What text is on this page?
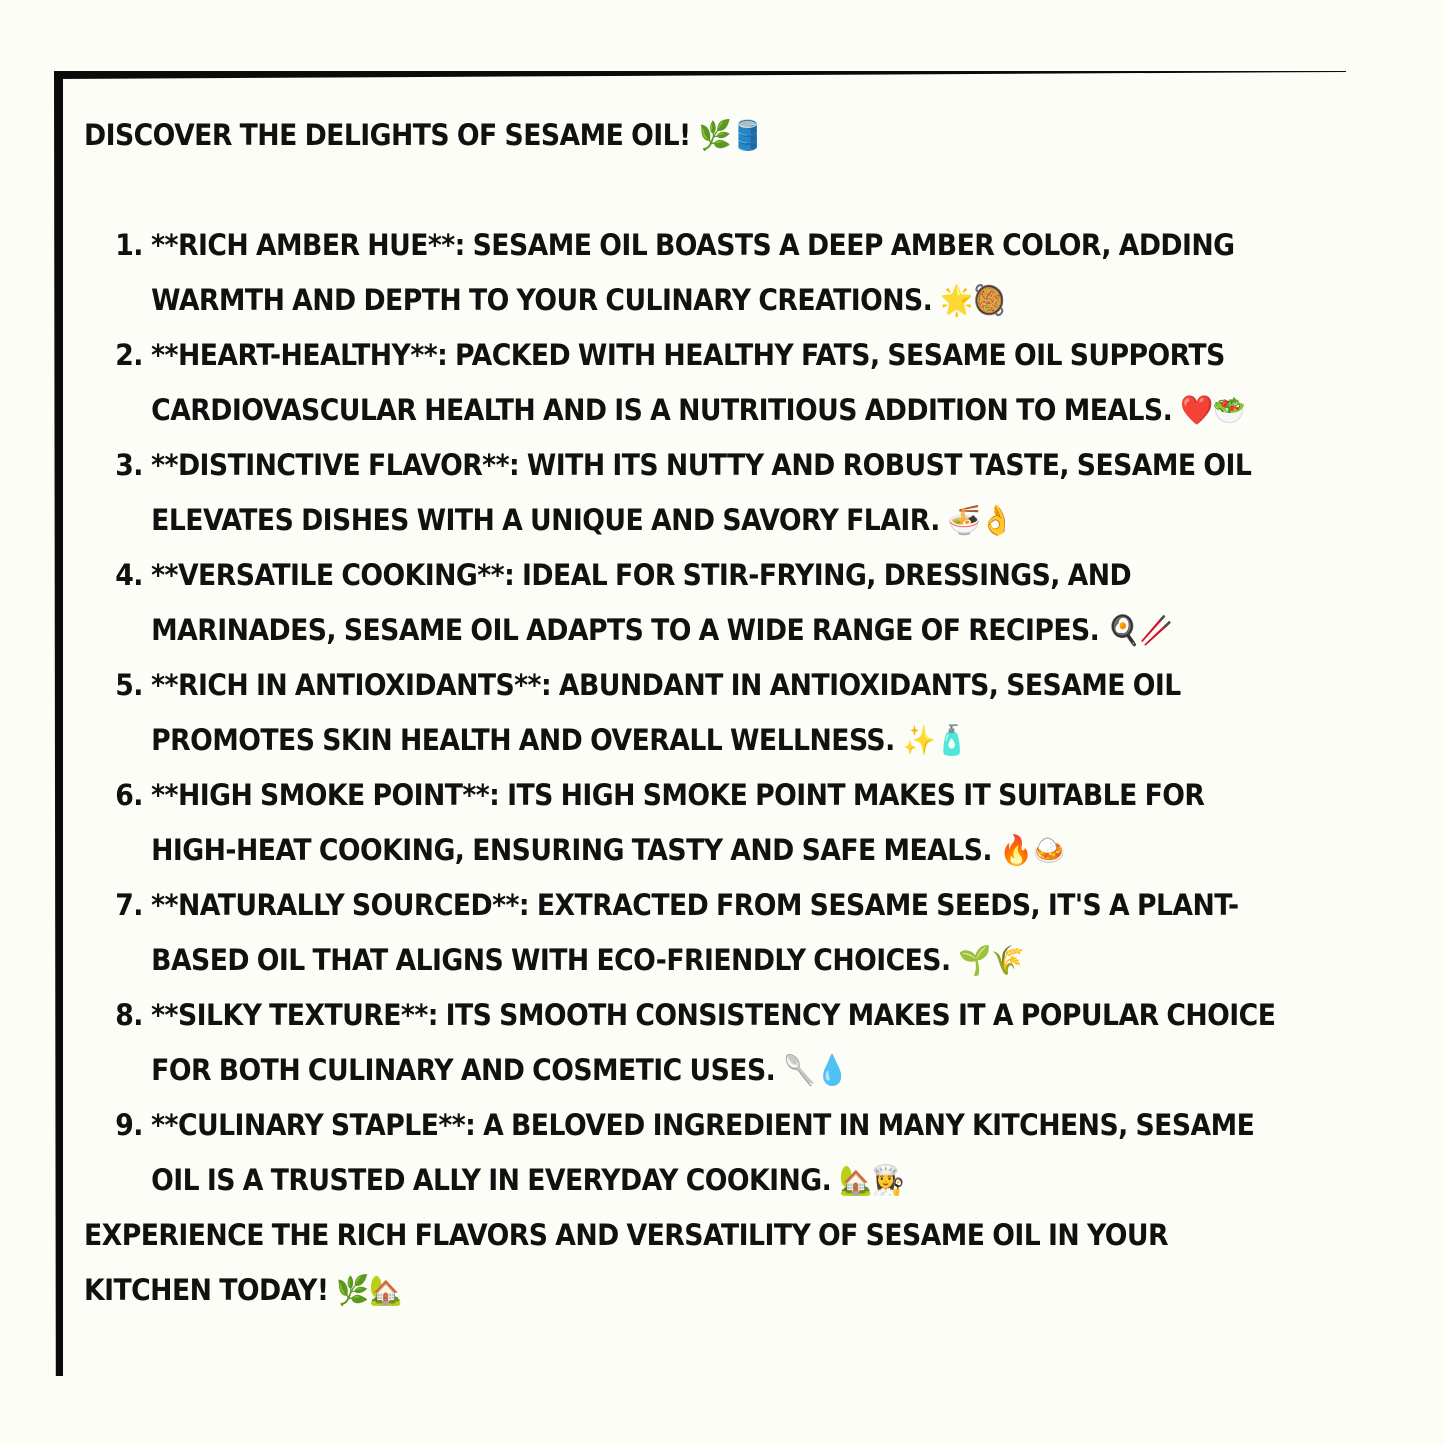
DISCOVER THE DELIGHTS OF SESAME OIL! 🌿🛢️

1. **RICH AMBER HUE**: SESAME OIL BOASTS A DEEP AMBER COLOR, ADDING WARMTH AND DEPTH TO YOUR CULINARY CREATIONS. 🌟🥘
2. **HEART-HEALTHY**: PACKED WITH HEALTHY FATS, SESAME OIL SUPPORTS CARDIOVASCULAR HEALTH AND IS A NUTRITIOUS ADDITION TO MEALS. ❤️🥗
3. **DISTINCTIVE FLAVOR**: WITH ITS NUTTY AND ROBUST TASTE, SESAME OIL ELEVATES DISHES WITH A UNIQUE AND SAVORY FLAIR. 🍜👌
4. **VERSATILE COOKING**: IDEAL FOR STIR-FRYING, DRESSINGS, AND MARINADES, SESAME OIL ADAPTS TO A WIDE RANGE OF RECIPES. 🍳🥢
5. **RICH IN ANTIOXIDANTS**: ABUNDANT IN ANTIOXIDANTS, SESAME OIL PROMOTES SKIN HEALTH AND OVERALL WELLNESS. ✨🧴
6. **HIGH SMOKE POINT**: ITS HIGH SMOKE POINT MAKES IT SUITABLE FOR HIGH-HEAT COOKING, ENSURING TASTY AND SAFE MEALS. 🔥🍛
7. **NATURALLY SOURCED**: EXTRACTED FROM SESAME SEEDS, IT'S A PLANT-BASED OIL THAT ALIGNS WITH ECO-FRIENDLY CHOICES. 🌱🌾
8. **SILKY TEXTURE**: ITS SMOOTH CONSISTENCY MAKES IT A POPULAR CHOICE FOR BOTH CULINARY AND COSMETIC USES. 🥄💧
9. **CULINARY STAPLE**: A BELOVED INGREDIENT IN MANY KITCHENS, SESAME OIL IS A TRUSTED ALLY IN EVERYDAY COOKING. 🏡👩‍🍳

EXPERIENCE THE RICH FLAVORS AND VERSATILITY OF SESAME OIL IN YOUR KITCHEN TODAY! 🌿🏡
